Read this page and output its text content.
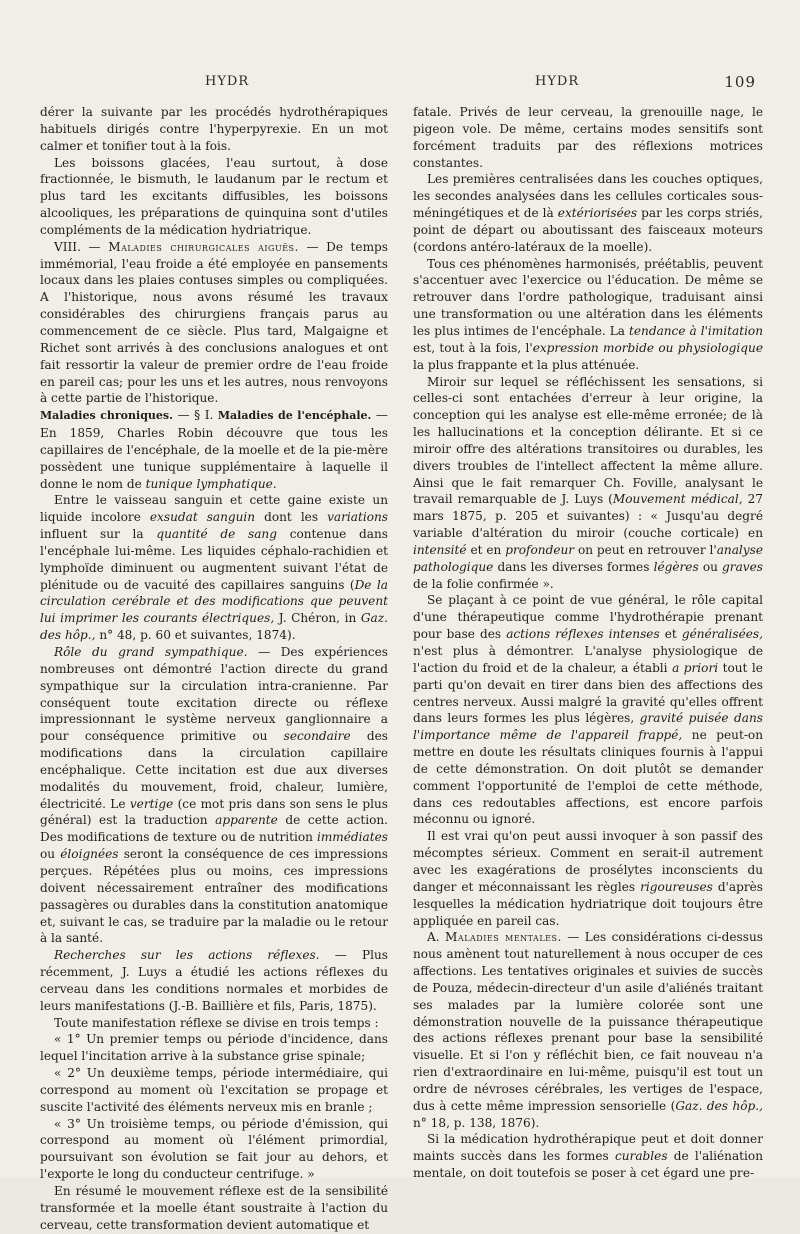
HYDR	HYDR	109

dérer la suivante par les procédés hydrothérapiques habituels dirigés contre l'hyperpyrexie. En un mot calmer et tonifier tout à la fois.

Les boissons glacées, l'eau surtout, à dose fractionnée, le bismuth, le laudanum par le rectum et plus tard les excitants diffusibles, les boissons alcooliques, les préparations de quinquina sont d'utiles compléments de la médication hydriatrique.

VIII. — Maladies chirurgicales aiguës. — De temps immémorial, l'eau froide a été employée en pansements locaux dans les plaies contuses simples ou compliquées. A l'historique, nous avons résumé les travaux considérables des chirurgiens français parus au commencement de ce siècle. Plus tard, Malgaigne et Richet sont arrivés à des conclusions analogues et ont fait ressortir la valeur de premier ordre de l'eau froide en pareil cas; pour les uns et les autres, nous renvoyons à cette partie de l'historique.

Maladies chroniques. — § I. Maladies de l'encéphale. — En 1859, Charles Robin découvre que tous les capillaires de l'encéphale, de la moelle et de la pie-mère possèdent une tunique supplémentaire à laquelle il donne le nom de tunique lymphatique.

Entre le vaisseau sanguin et cette gaine existe un liquide incolore exsudat sanguin dont les variations influent sur la quantité de sang contenue dans l'encéphale lui-même. Les liquides céphalo-rachidien et lymphoïde diminuent ou augmentent suivant l'état de plénitude ou de vacuité des capillaires sanguins (De la circulation cerébrale et des modifications que peuvent lui imprimer les courants électriques, J. Chéron, in Gaz. des hôp., n° 48, p. 60 et suivantes, 1874).

Rôle du grand sympathique. — Des expériences nombreuses ont démontré l'action directe du grand sympathique sur la circulation intra-cranienne. Par conséquent toute excitation directe ou réflexe impressionnant le système nerveux ganglionnaire a pour conséquence primitive ou secondaire des modifications dans la circulation capillaire encéphalique. Cette incitation est due aux diverses modalités du mouvement, froid, chaleur, lumière, électricité. Le vertige (ce mot pris dans son sens le plus général) est la traduction apparente de cette action. Des modifications de texture ou de nutrition immédiates ou éloignées seront la conséquence de ces impressions perçues. Répétées plus ou moins, ces impressions doivent nécessairement entraîner des modifications passagères ou durables dans la constitution anatomique et, suivant le cas, se traduire par la maladie ou le retour à la santé.

Recherches sur les actions réflexes. — Plus récemment, J. Luys a étudié les actions réflexes du cerveau dans les conditions normales et morbides de leurs manifestations (J.-B. Baillière et fils, Paris, 1875).

Toute manifestation réflexe se divise en trois temps :

« 1° Un premier temps ou période d'incidence, dans lequel l'incitation arrive à la substance grise spinale;

« 2° Un deuxième temps, période intermédiaire, qui correspond au moment où l'excitation se propage et suscite l'activité des éléments nerveux mis en branle ;

« 3° Un troisième temps, ou période d'émission, qui correspond au moment où l'élément primordial, poursuivant son évolution se fait jour au dehors, et l'exporte le long du conducteur centrifuge. »

En résumé le mouvement réflexe est de la sensibilité transformée et la moelle étant soustraite à l'action du cerveau, cette transformation devient automatique et

fatale. Privés de leur cerveau, la grenouille nage, le pigeon vole. De même, certains modes sensitifs sont forcément traduits par des réflexions motrices constantes.

Les premières centralisées dans les couches optiques, les secondes analysées dans les cellules corticales sous-méningétiques et de là extériorisées par les corps striés, point de départ ou aboutissant des faisceaux moteurs (cordons antéro-latéraux de la moelle).

Tous ces phénomènes harmonisés, préétablis, peuvent s'accentuer avec l'exercice ou l'éducation. De même se retrouver dans l'ordre pathologique, traduisant ainsi une transformation ou une altération dans les éléments les plus intimes de l'encéphale. La tendance à l'imitation est, tout à la fois, l'expression morbide ou physiologique la plus frappante et la plus atténuée.

Miroir sur lequel se réfléchissent les sensations, si celles-ci sont entachées d'erreur à leur origine, la conception qui les analyse est elle-même erronée; de là les hallucinations et la conception délirante. Et si ce miroir offre des altérations transitoires ou durables, les divers troubles de l'intellect affectent la même allure. Ainsi que le fait remarquer Ch. Foville, analysant le travail remarquable de J. Luys (Mouvement médical, 27 mars 1875, p. 205 et suivantes) : « Jusqu'au degré variable d'altération du miroir (couche corticale) en intensité et en profondeur on peut en retrouver l'analyse pathologique dans les diverses formes légères ou graves de la folie confirmée ».

Se plaçant à ce point de vue général, le rôle capital d'une thérapeutique comme l'hydrothérapie prenant pour base des actions réflexes intenses et généralisées, n'est plus à démontrer. L'analyse physiologique de l'action du froid et de la chaleur, a établi a priori tout le parti qu'on devait en tirer dans bien des affections des centres nerveux. Aussi malgré la gravité qu'elles offrent dans leurs formes les plus légères, gravité puisée dans l'importance même de l'appareil frappé, ne peut-on mettre en doute les résultats cliniques fournis à l'appui de cette démonstration. On doit plutôt se demander comment l'opportunité de l'emploi de cette méthode, dans ces redoutables affections, est encore parfois méconnu ou ignoré.

Il est vrai qu'on peut aussi invoquer à son passif des mécomptes sérieux. Comment en serait-il autrement avec les exagérations de prosélytes inconscients du danger et méconnaissant les règles rigoureuses d'après lesquelles la médication hydriatrique doit toujours être appliquée en pareil cas.

A. Maladies mentales. — Les considérations ci-dessus nous amènent tout naturellement à nous occuper de ces affections. Les tentatives originales et suivies de succès de Pouza, médecin-directeur d'un asile d'aliénés traitant ses malades par la lumière colorée sont une démonstration nouvelle de la puissance thérapeutique des actions réflexes prenant pour base la sensibilité visuelle. Et si l'on y réfléchit bien, ce fait nouveau n'a rien d'extraordinaire en lui-même, puisqu'il est tout un ordre de névroses cérébrales, les vertiges de l'espace, dus à cette même impression sensorielle (Gaz. des hôp., n° 18, p. 138, 1876).

Si la médication hydrothérapique peut et doit donner maints succès dans les formes curables de l'aliénation mentale, on doit toutefois se poser à cet égard une pre-
